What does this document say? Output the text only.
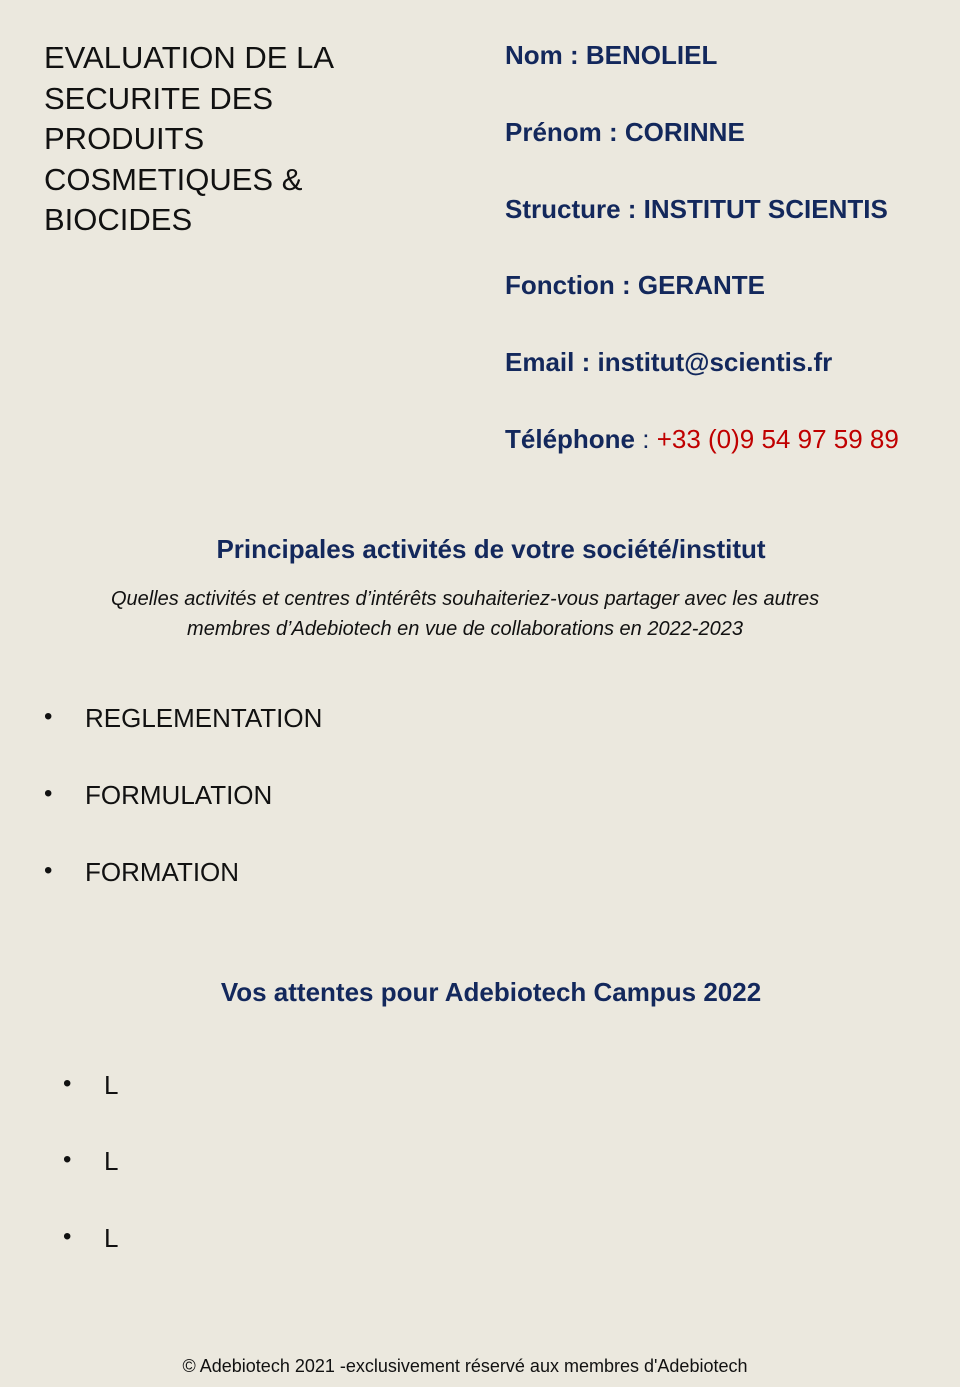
EVALUATION DE LA
SECURITE DES
PRODUITS
COSMETIQUES &
BIOCIDES
Nom : BENOLIEL
Prénom : CORINNE
Structure : INSTITUT SCIENTIS
Fonction : GERANTE
Email : institut@scientis.fr
Téléphone : +33 (0)9 54 97 59 89
Principales activités de votre société/institut
Quelles activités et centres d’intérêts souhaiteriez-vous partager avec les autres
membres d’Adebiotech en vue de collaborations en 2022-2023
• REGLEMENTATION
• FORMULATION
• FORMATION
Vos attentes pour Adebiotech Campus 2022
• L
• L
• L
© Adebiotech 2021 -exclusivement réservé aux membres d'Adebiotech
